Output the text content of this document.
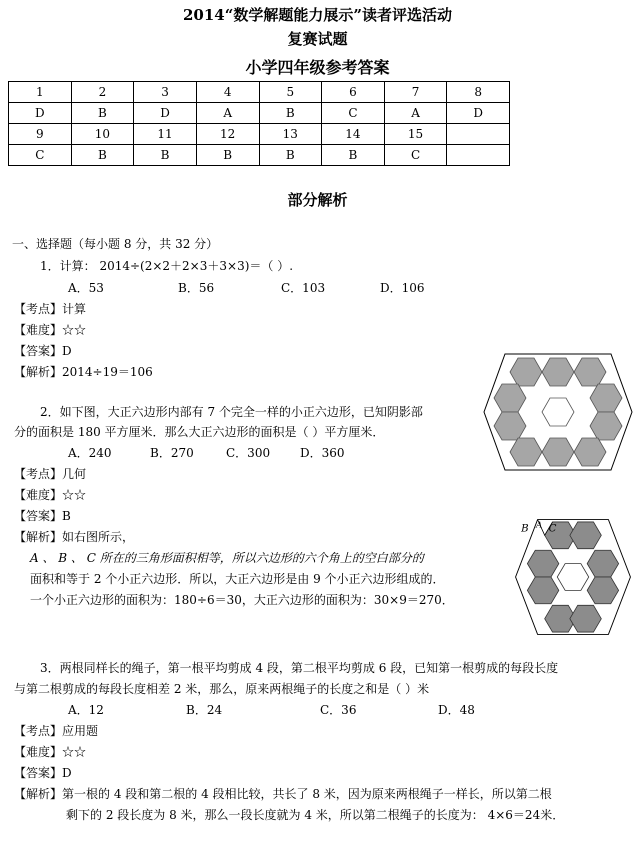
2014“数学解题能力展示”读者评选活动
复赛试题
小学四年级参考答案
1	2	3	4	5	6	7	8
D	B	D	A	B	C	A	D
9	10	11	12	13	14	15	
C	B	B	B	B	B	C	
部分解析
一、选择题（每小题 8 分，共 32 分）
1．计算： 2014÷(2×2＋2×3＋3×3)＝（ ）.
A．53	B．56	C．103	D．106
【考点】计算
【难度】☆☆
【答案】D
【解析】2014÷19＝106
2．如下图，大正六边形内部有 7 个完全一样的小正六边形，已知阴影部
分的面积是 180 平方厘米．那么大正六边形的面积是（ ）平方厘米．
A．240	B．270	C．300 D．360
【考点】几何
【难度】☆☆
【答案】B
【解析】如右图所示，
A 、 B 、 C 所在的三角形面积相等，所以六边形的六个角上的空白部分的
面积和等于 2 个小正六边形．所以，大正六边形是由 9 个小正六边形组成的．
一个小正六边形的面积为：180÷6＝30，大正六边形的面积为：30×9＝270．
B A C
3．两根同样长的绳子，第一根平均剪成 4 段，第二根平均剪成 6 段，已知第一根剪成的每段长度
与第二根剪成的每段长度相差 2 米，那么，原来两根绳子的长度之和是（ ）米
A．12	B．24	C．36	D．48
【考点】应用题
【难度】☆☆
【答案】D
【解析】第一根的 4 段和第二根的 4 段相比较，共长了 8 米，因为原来两根绳子一样长，所以第二根
剩下的 2 段长度为 8 米，那么一段长度就为 4 米，所以第二根绳子的长度为： 4×6＝24米．
